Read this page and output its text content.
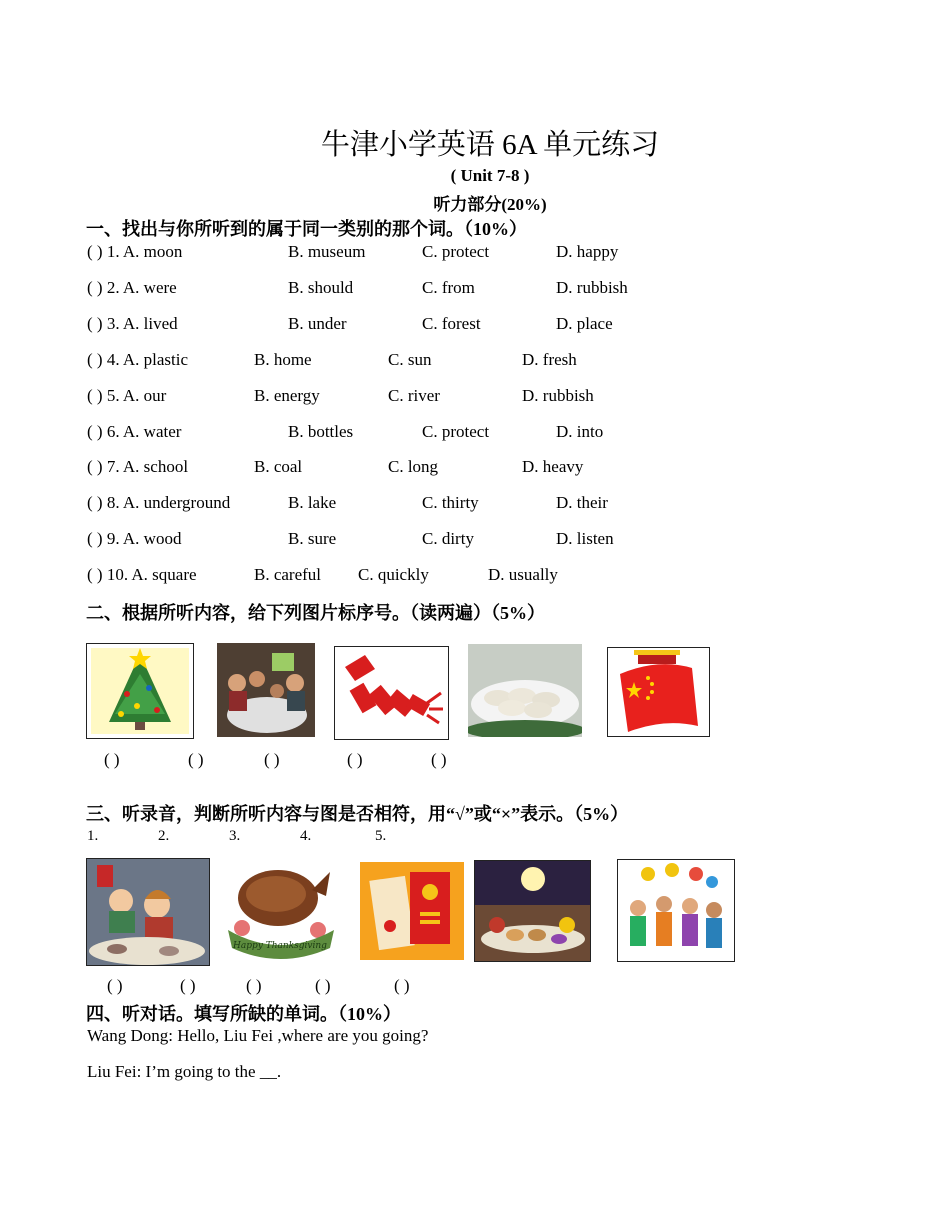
牛津小学英语 6A 单元练习
( Unit 7-8 )
听力部分(20%)
一、找出与你所听到的属于同一类别的那个词。（10%）
( ) 1. A. moon	B. museum	C. protect	D. happy
( ) 2. A. were	B. should	C. from	D. rubbish
( ) 3. A. lived	B. under	C. forest	D. place
( ) 4. A. plastic	B. home	C. sun	D. fresh
( ) 5. A. our	B. energy	C. river	D. rubbish
( ) 6. A. water	B. bottles	C. protect	D. into
( ) 7. A. school	B. coal	C. long	D. heavy
( ) 8. A. underground	B. lake	C. thirty	D. their
( ) 9. A. wood	B. sure	C. dirty	D. listen
( ) 10. A. square	B. careful C. quickly	D. usually
二、根据所听内容，给下列图片标序号。（读两遍）（5%）
( )	( )	( )	( )	( )
三、听录音，判断所听内容与图是否相符，用“√”或“×”表示。（5%）
1.	2.	3.	4.	5.
Happy Thanksgiving
( )	( )	( )	( )	( )
四、听对话。填写所缺的单词。（10%）
Wang Dong: Hello, Liu Fei ,where are you going?
Liu Fei: I’m going to the __.
